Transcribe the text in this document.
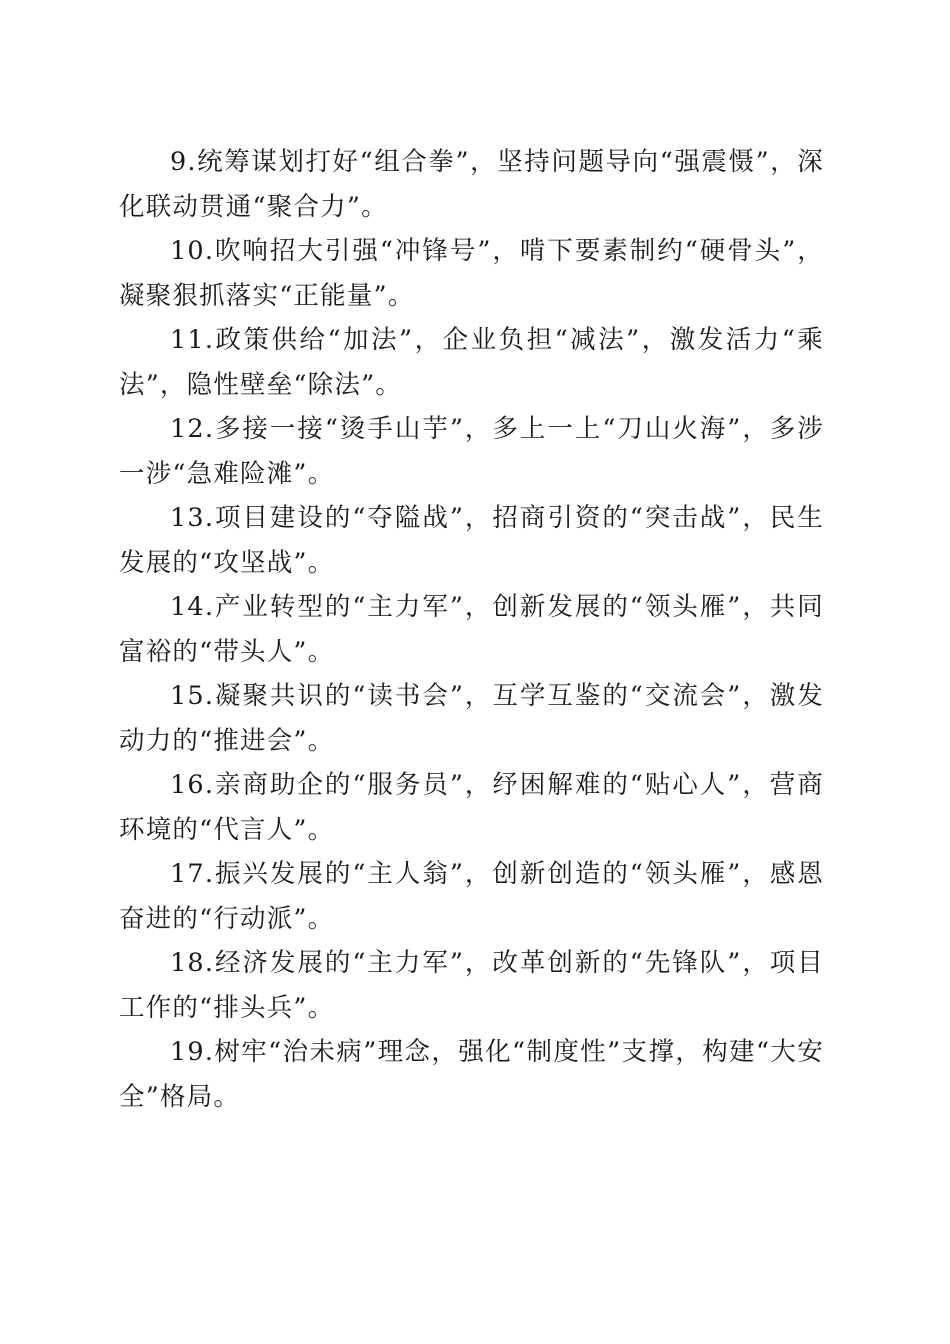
9.统筹谋划打好“组合拳”，坚持问题导向“强震慑”，深化联动贯通“聚合力”。

10.吹响招大引强“冲锋号”，啃下要素制约“硬骨头”，凝聚狠抓落实“正能量”。

11.政策供给“加法”，企业负担“减法”，激发活力“乘法”，隐性壁垒“除法”。

12.多接一接“烫手山芋”，多上一上“刀山火海”，多涉一涉“急难险滩”。

13.项目建设的“夺隘战”，招商引资的“突击战”，民生发展的“攻坚战”。

14.产业转型的“主力军”，创新发展的“领头雁”，共同富裕的“带头人”。

15.凝聚共识的“读书会”，互学互鉴的“交流会”，激发动力的“推进会”。

16.亲商助企的“服务员”，纾困解难的“贴心人”，营商环境的“代言人”。

17.振兴发展的“主人翁”，创新创造的“领头雁”，感恩奋进的“行动派”。

18.经济发展的“主力军”，改革创新的“先锋队”，项目工作的“排头兵”。

19.树牢“治未病”理念，强化“制度性”支撑，构建“大安全”格局。
